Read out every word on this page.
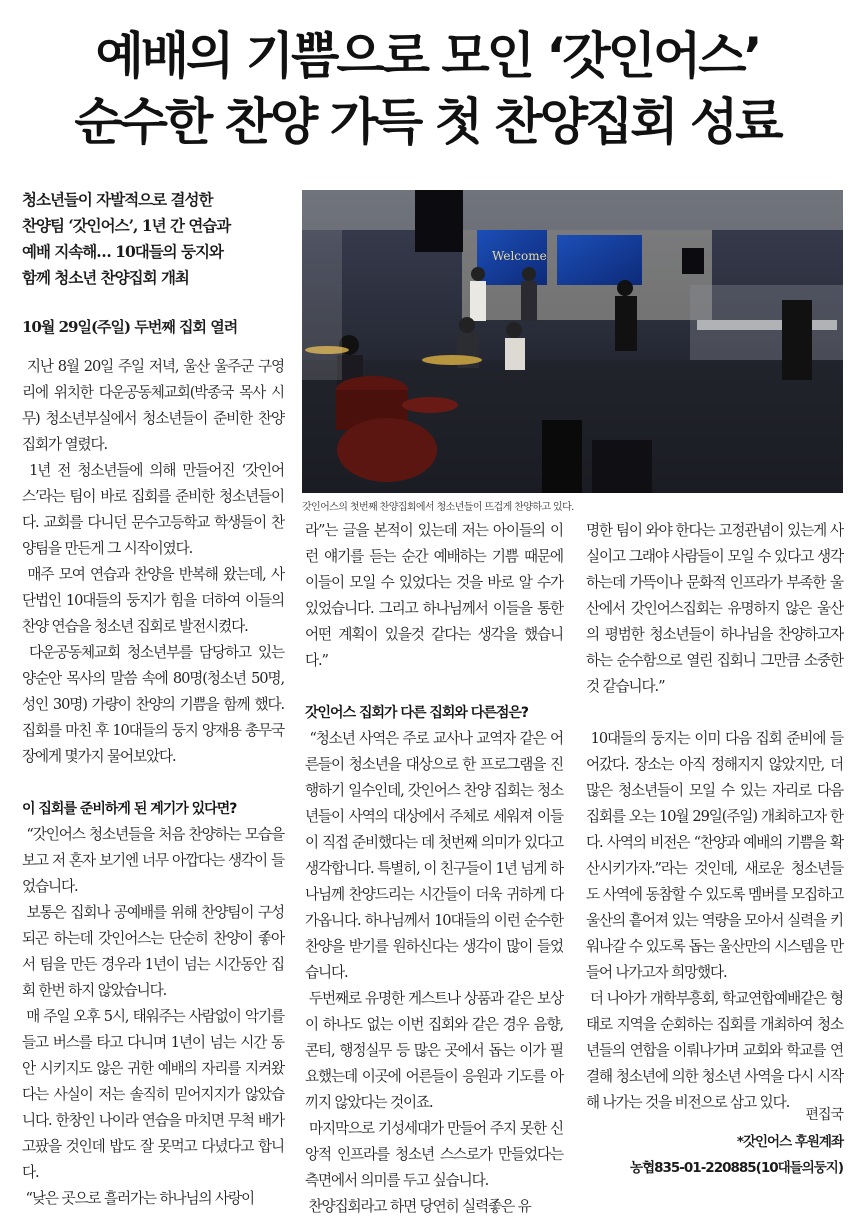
예배의 기쁨으로 모인 ‘갓인어스’
순수한 찬양 가득 첫 찬양집회 성료
청소년들이 자발적으로 결성한
찬양팀 ‘갓인어스’, 1년 간 연습과
예배 지속해… 10대들의 둥지와
함께 청소년 찬양집회 개최
10월 29일(주일) 두번째 집회 열려

지난 8월 20일 주일 저녁, 울산 울주군 구영리에 위치한 다운공동체교회(박종국 목사 시무) 청소년부실에서 청소년들이 준비한 찬양집회가 열렸다.

1년 전 청소년들에 의해 만들어진 ‘갓인어스’라는 팀이 바로 집회를 준비한 청소년들이다. 교회를 다니던 문수고등학교 학생들이 찬양팀을 만든게 그 시작이였다.

매주 모여 연습과 찬양을 반복해 왔는데, 사단법인 10대들의 둥지가 힘을 더하여 이들의 찬양 연습을 청소년 집회로 발전시켰다.

다운공동체교회 청소년부를 담당하고 있는 양순안 목사의 말씀 속에 80명(청소년 50명, 성인 30명) 가량이 찬양의 기쁨을 함께 했다. 집회를 마친 후 10대들의 둥지 양재용 총무국장에게 몇가지 물어보았다.

이 집회를 준비하게 된 계기가 있다면?

“갓인어스 청소년들을 처음 찬양하는 모습을 보고 저 혼자 보기엔 너무 아깝다는 생각이 들었습니다.

보통은 집회나 공예배를 위해 찬양팀이 구성되곤 하는데 갓인어스는 단순히 찬양이 좋아서 팀을 만든 경우라 1년이 넘는 시간동안 집회 한번 하지 않았습니다.

매 주일 오후 5시, 태워주는 사람없이 악기를 들고 버스를 타고 다니며 1년이 넘는 시간 동안 시키지도 않은 귀한 예배의 자리를 지켜왔다는 사실이 저는 솔직히 믿어지지가 않았습니다. 한창인 나이라 연습을 마치면 무척 배가 고팠을 것인데 밥도 잘 못먹고 다녔다고 합니다.

“낮은 곳으로 흘러가는 하나님의 사랑이

Welcome
갓인어스의 첫번째 찬양집회에서 청소년들이 뜨겁게 찬양하고 있다.

라”는 글을 본적이 있는데 저는 아이들의 이런 얘기를 듣는 순간 예배하는 기쁨 때문에 이들이 모일 수 있었다는 것을 바로 알 수가 있었습니다. 그리고 하나님께서 이들을 통한 어떤 계획이 있을것 같다는 생각을 했습니다.”

갓인어스 집회가 다른 집회와 다른점은?

“청소년 사역은 주로 교사나 교역자 같은 어른들이 청소년을 대상으로 한 프로그램을 진행하기 일수인데, 갓인어스 찬양 집회는 청소년들이 사역의 대상에서 주체로 세워져 이들이 직접 준비했다는 데 첫번째 의미가 있다고 생각합니다. 특별히, 이 친구들이 1년 넘게 하나님께 찬양드리는 시간들이 더욱 귀하게 다가옵니다. 하나님께서 10대들의 이런 순수한 찬양을 받기를 원하신다는 생각이 많이 들었습니다.

두번째로 유명한 게스트나 상품과 같은 보상이 하나도 없는 이번 집회와 같은 경우 음향, 콘티, 행정실무 등 많은 곳에서 돕는 이가 필요했는데 이곳에 어른들이 응원과 기도를 아끼지 않았다는 것이죠.

마지막으로 기성세대가 만들어 주지 못한 신앙적 인프라를 청소년 스스로가 만들었다는 측면에서 의미를 두고 싶습니다.

찬양집회라고 하면 당연히 실력좋은 유

명한 팀이 와야 한다는 고정관념이 있는게 사실이고 그래야 사람들이 모일 수 있다고 생각하는데 가뜩이나 문화적 인프라가 부족한 울산에서 갓인어스집회는 유명하지 않은 울산의 평범한 청소년들이 하나님을 찬양하고자 하는 순수함으로 열린 집회니 그만큼 소중한 것 같습니다.”

10대들의 둥지는 이미 다음 집회 준비에 들어갔다. 장소는 아직 정해지지 않았지만, 더 많은 청소년들이 모일 수 있는 자리로 다음 집회를 오는 10월 29일(주일) 개최하고자 한다. 사역의 비전은 “찬양과 예배의 기쁨을 확산시키가자.”라는 것인데, 새로운 청소년들도 사역에 동참할 수 있도록 멤버를 모집하고 울산의 흩어져 있는 역량을 모아서 실력을 키워나갈 수 있도록 돕는 울산만의 시스템을 만들어 나가고자 희망했다.

더 나아가 개학부흥회, 학교연합예배같은 형태로 지역을 순회하는 집회를 개최하여 청소년들의 연합을 이뤄나가며 교회와 학교를 연결해 청소년에 의한 청소년 사역을 다시 시작해 나가는 것을 비전으로 삼고 있다.

편집국
*갓인어스 후원계좌
농협835-01-220885(10대들의둥지)
